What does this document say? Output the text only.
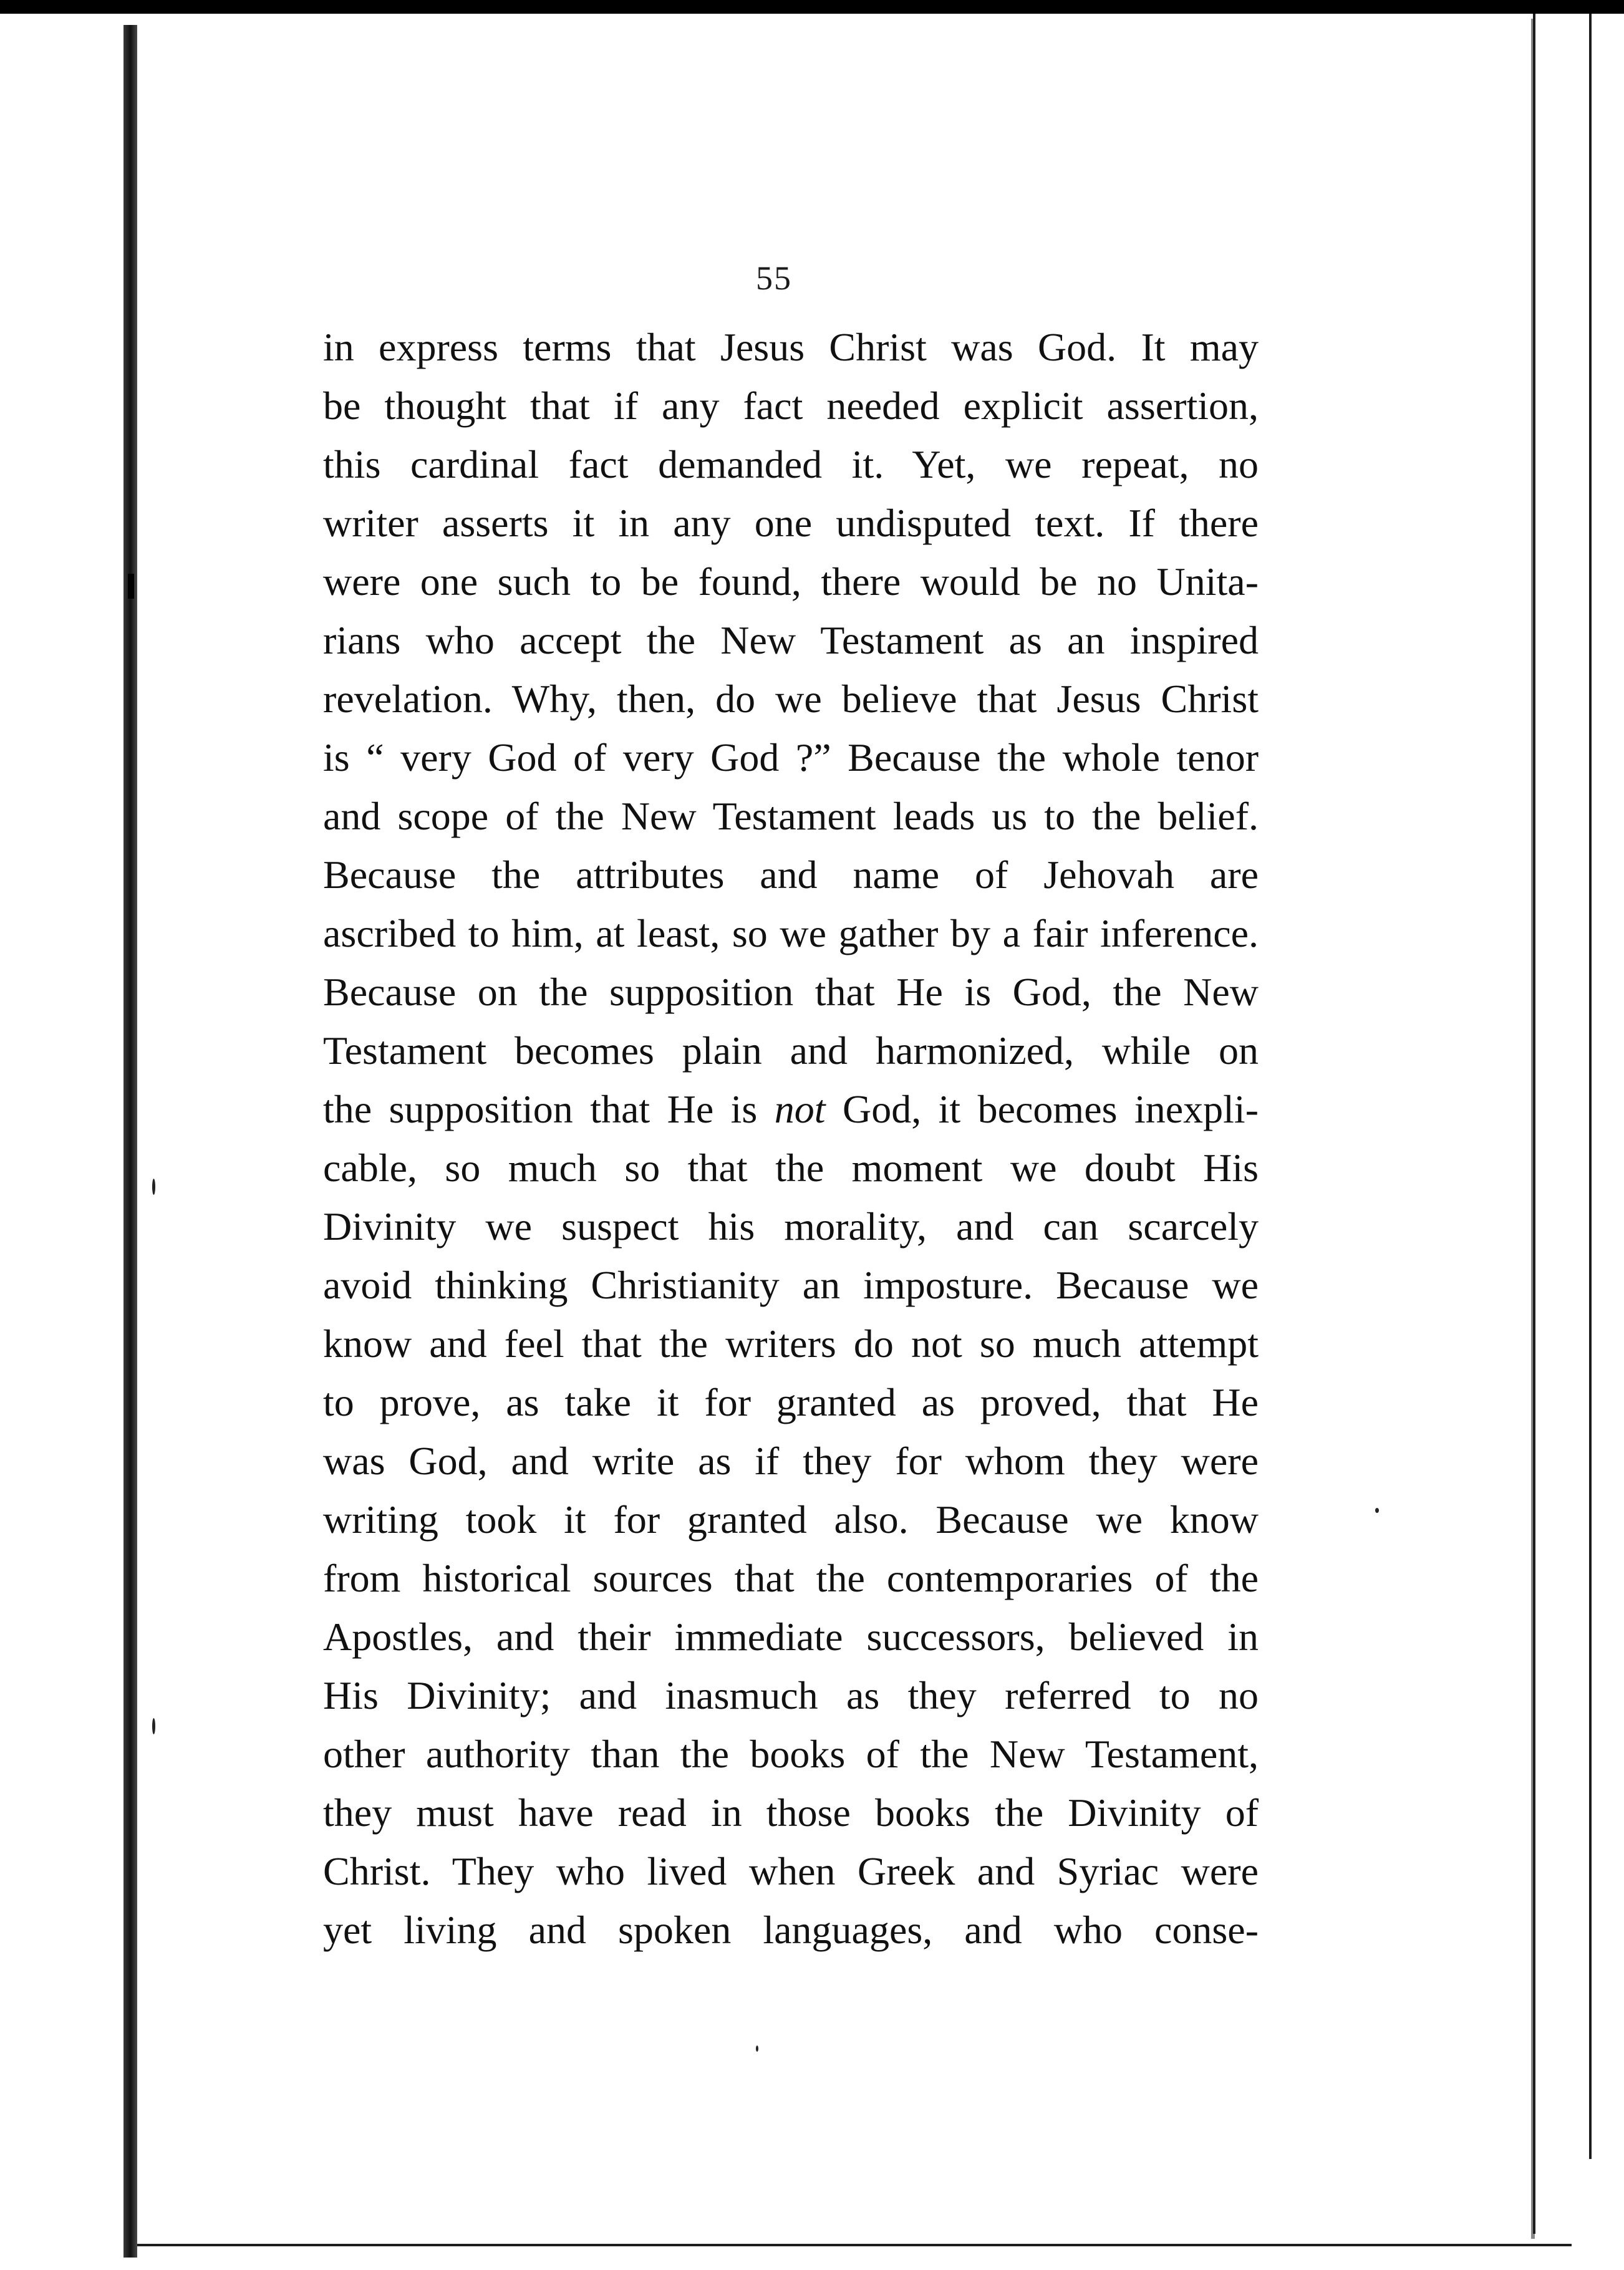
55
in express terms that Jesus Christ was God. It may
be thought that if any fact needed explicit assertion,
this cardinal fact demanded it. Yet, we repeat, no
writer asserts it in any one undisputed text. If there
were one such to be found, there would be no Unita-
rians who accept the New Testament as an inspired
revelation. Why, then, do we believe that Jesus Christ
is “ very God of very God ?” Because the whole tenor
and scope of the New Testament leads us to the belief.
Because the attributes and name of Jehovah are
ascribed to him, at least, so we gather by a fair inference.
Because on the supposition that He is God, the New
Testament becomes plain and harmonized, while on
the supposition that He is not God, it becomes inexpli-
cable, so much so that the moment we doubt His
Divinity we suspect his morality, and can scarcely
avoid thinking Christianity an imposture. Because we
know and feel that the writers do not so much attempt
to prove, as take it for granted as proved, that He
was God, and write as if they for whom they were
writing took it for granted also. Because we know
from historical sources that the contemporaries of the
Apostles, and their immediate successors, believed in
His Divinity; and inasmuch as they referred to no
other authority than the books of the New Testament,
they must have read in those books the Divinity of
Christ. They who lived when Greek and Syriac were
yet living and spoken languages, and who conse-
